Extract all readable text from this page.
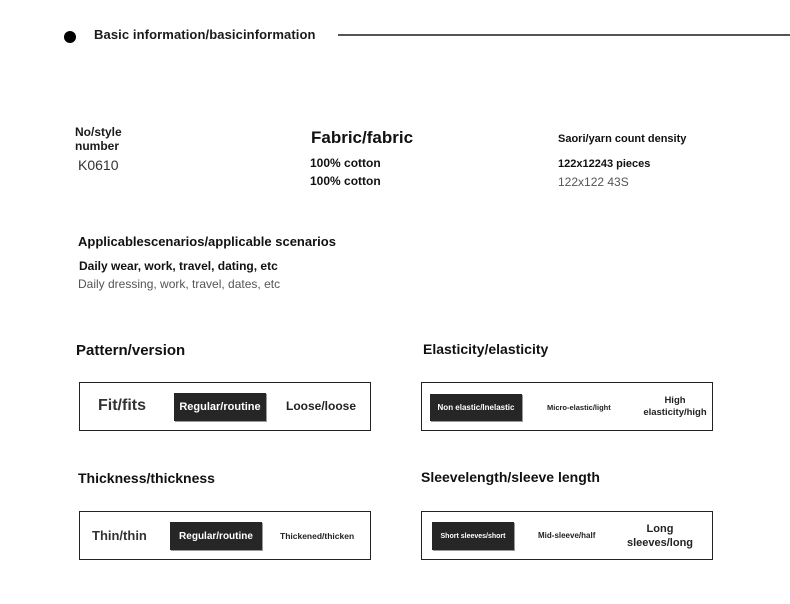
Basic information/basicinformation
No/style number
K0610
Fabric/fabric
100% cotton
100% cotton
Saori/yarn count density
122x12243 pieces
122x122 43S
Applicablescenarios/applicable scenarios
Daily wear, work, travel, dating, etc
Daily dressing, work, travel, dates, etc
Pattern/version
Fit/fits	Regular/routine	Loose/loose
Elasticity/elasticity
Non elastic/Inelastic	Micro-elastic/light
High
elasticity/high
Thickness/thickness
Thin/thin	Regular/routine	Thickened/thicken
Sleevelength/sleeve length
Short sleeves/short	Mid-sleeve/half
Long
sleeves/long
